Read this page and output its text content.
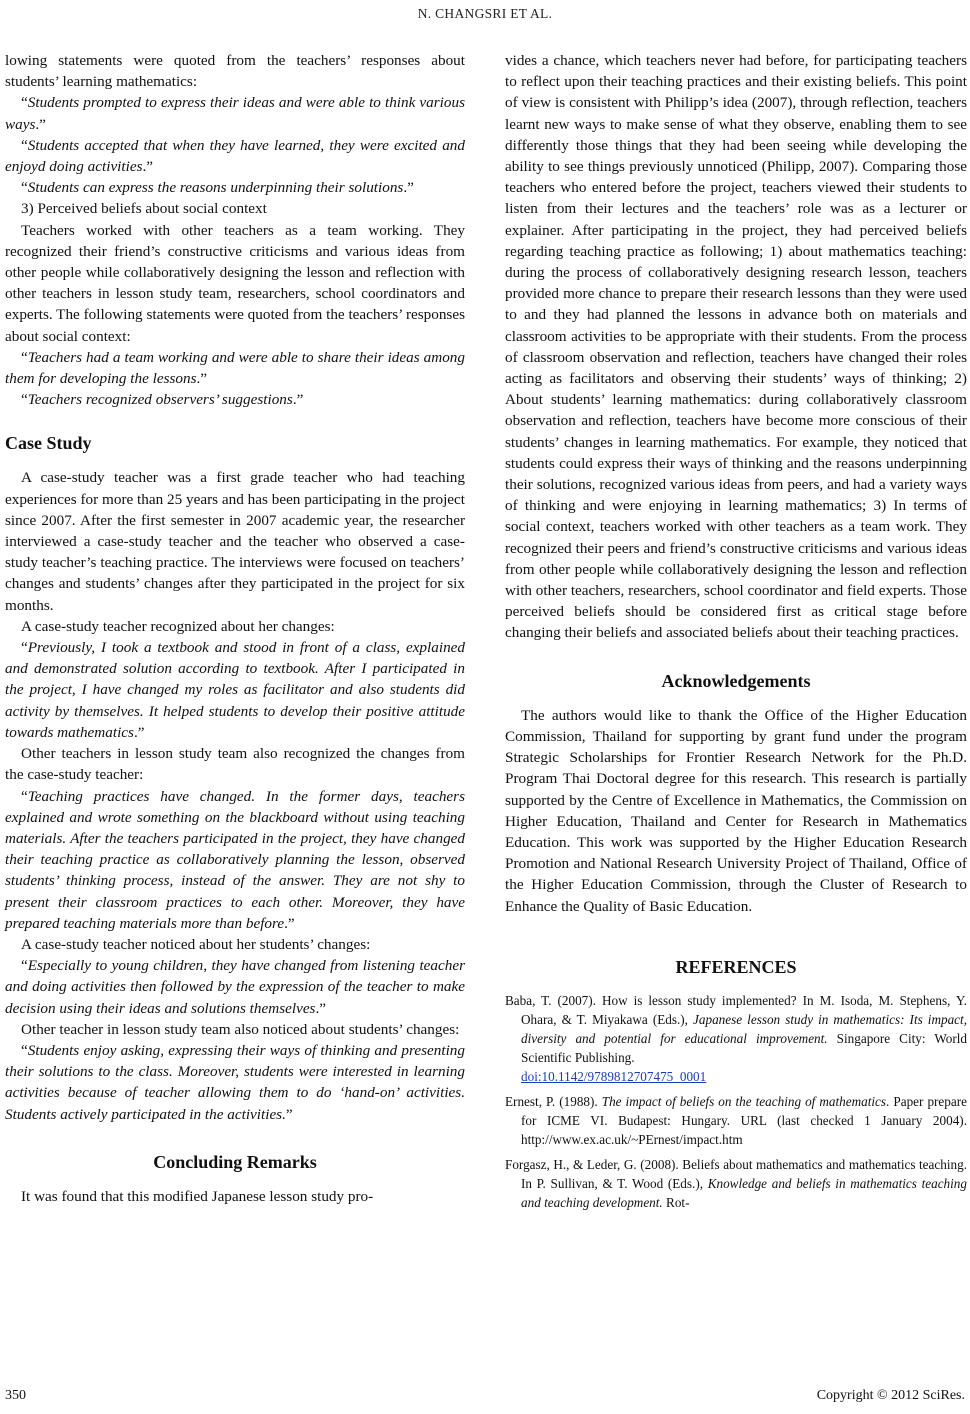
N. CHANGSRI ET AL.

lowing statements were quoted from the teachers’ responses about students’ learning mathematics:

“Students prompted to express their ideas and were able to think various ways.”

“Students accepted that when they have learned, they were excited and enjoyd doing activities.”

“Students can express the reasons underpinning their solutions.”

3) Perceived beliefs about social context

Teachers worked with other teachers as a team working. They recognized their friend’s constructive criticisms and various ideas from other people while collaboratively designing the lesson and reflection with other teachers in lesson study team, researchers, school coordinators and experts. The following statements were quoted from the teachers’ responses about social context:

“Teachers had a team working and were able to share their ideas among them for developing the lessons.”

“Teachers recognized observers’ suggestions.”

Case Study

A case-study teacher was a first grade teacher who had teaching experiences for more than 25 years and has been participating in the project since 2007. After the first semester in 2007 academic year, the researcher interviewed a case-study teacher and the teacher who observed a case-study teacher’s teaching practice. The interviews were focused on teachers’ changes and students’ changes after they participated in the project for six months.

A case-study teacher recognized about her changes:

“Previously, I took a textbook and stood in front of a class, explained and demonstrated solution according to textbook. After I participated in the project, I have changed my roles as facilitator and also students did activity by themselves. It helped students to develop their positive attitude towards mathematics.”

Other teachers in lesson study team also recognized the changes from the case-study teacher:

“Teaching practices have changed. In the former days, teachers explained and wrote something on the blackboard without using teaching materials. After the teachers participated in the project, they have changed their teaching practice as collaboratively planning the lesson, observed students’ thinking process, instead of the answer. They are not shy to present their classroom practices to each other. Moreover, they have prepared teaching materials more than before.”

A case-study teacher noticed about her students’ changes:

“Especially to young children, they have changed from listening teacher and doing activities then followed by the expression of the teacher to make decision using their ideas and solutions themselves.”

Other teacher in lesson study team also noticed about students’ changes:

“Students enjoy asking, expressing their ways of thinking and presenting their solutions to the class. Moreover, students were interested in learning activities because of teacher allowing them to do ‘hand-on’ activities. Students actively participated in the activities.”

Concluding Remarks

It was found that this modified Japanese lesson study pro-

vides a chance, which teachers never had before, for participating teachers to reflect upon their teaching practices and their existing beliefs. This point of view is consistent with Philipp’s idea (2007), through reflection, teachers learnt new ways to make sense of what they observe, enabling them to see differently those things that they had been seeing while developing the ability to see things previously unnoticed (Philipp, 2007). Comparing those teachers who entered before the project, teachers viewed their students to listen from their lectures and the teachers’ role was as a lecturer or explainer. After participating in the project, they had perceived beliefs regarding teaching practice as following; 1) about mathematics teaching: during the process of collaboratively designing research lesson, teachers provided more chance to prepare their research lessons than they were used to and they had planned the lessons in advance both on materials and classroom activities to be appropriate with their students. From the process of classroom observation and reflection, teachers have changed their roles acting as facilitators and observing their students’ ways of thinking; 2) About students’ learning mathematics: during collaboratively classroom observation and reflection, teachers have become more conscious of their students’ changes in learning mathematics. For example, they noticed that students could express their ways of thinking and the reasons underpinning their solutions, recognized various ideas from peers, and had a variety ways of thinking and were enjoying in learning mathematics; 3) In terms of social context, teachers worked with other teachers as a team work. They recognized their peers and friend’s constructive criticisms and various ideas from other people while collaboratively designing the lesson and reflection with other teachers, researchers, school coordinator and field experts. Those perceived beliefs should be considered first as critical stage before changing their beliefs and associated beliefs about their teaching practices.

Acknowledgements

The authors would like to thank the Office of the Higher Education Commission, Thailand for supporting by grant fund under the program Strategic Scholarships for Frontier Research Network for the Ph.D. Program Thai Doctoral degree for this research. This research is partially supported by the Centre of Excellence in Mathematics, the Commission on Higher Education, Thailand and Center for Research in Mathematics Education. This work was supported by the Higher Education Research Promotion and National Research University Project of Thailand, Office of the Higher Education Commission, through the Cluster of Research to Enhance the Quality of Basic Education.

REFERENCES

Baba, T. (2007). How is lesson study implemented? In M. Isoda, M. Stephens, Y. Ohara, & T. Miyakawa (Eds.), Japanese lesson study in mathematics: Its impact, diversity and potential for educational improvement. Singapore City: World Scientific Publishing.
doi:10.1142/9789812707475_0001

Ernest, P. (1988). The impact of beliefs on the teaching of mathematics. Paper prepare for ICME VI. Budapest: Hungary. URL (last checked 1 January 2004). http://www.ex.ac.uk/~PErnest/impact.htm

Forgasz, H., & Leder, G. (2008). Beliefs about mathematics and mathematics teaching. In P. Sullivan, & T. Wood (Eds.), Knowledge and beliefs in mathematics teaching and teaching development. Rot-

350	Copyright © 2012 SciRes.
